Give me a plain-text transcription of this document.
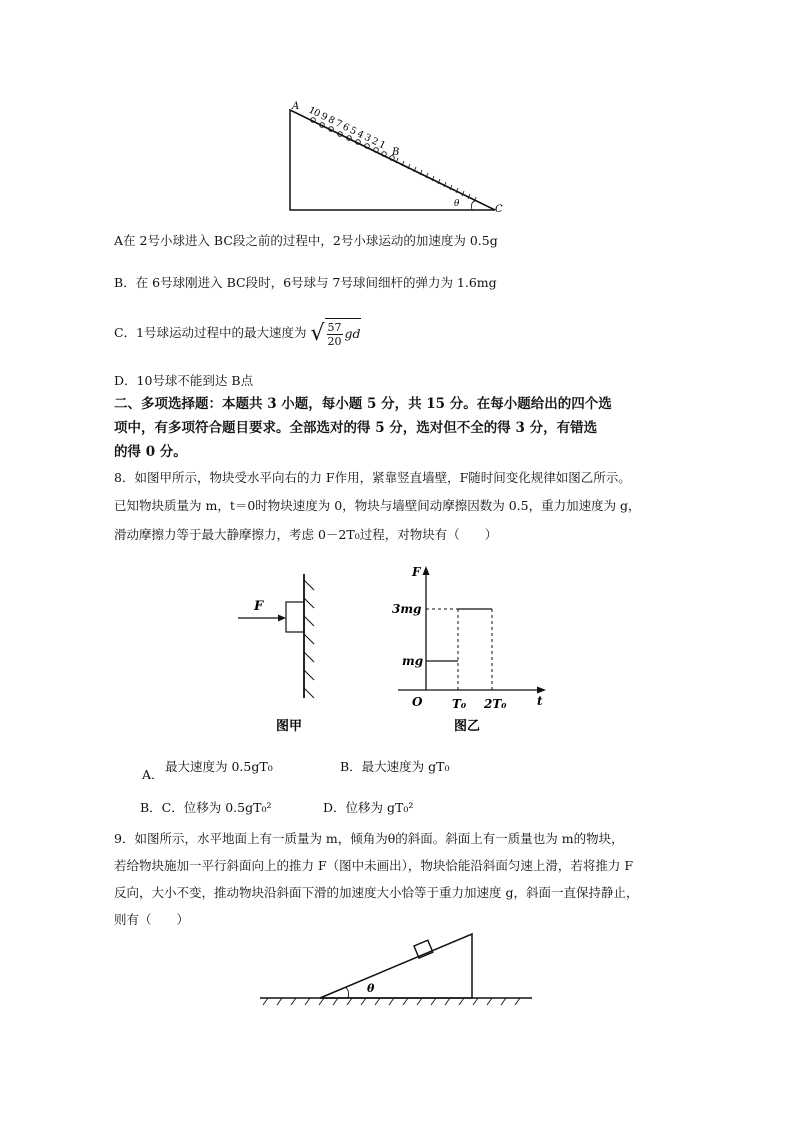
A 10 9 8 7 6 5 4 3 2 1
B
C
θ
A在 2号小球进入 BC段之前的过程中，2号小球运动的加速度为 0.5g
B．在 6号球刚进入 BC段时，6号球与 7号球间细杆的弹力为 1.6mg
C．1号球运动过程中的最大速度为 √ $\frac{57}{20}$ gd
D．10号球不能到达 B点
二、多项选择题：本题共 3 小题，每小题 5 分，共 15 分。在每小题给出的四个选
项中，有多项符合题目要求。全部选对的得 5 分，选对但不全的得 3 分，有错选
的得 0 分。
8．如图甲所示，物块受水平向右的力 F作用，紧靠竖直墙壁，F随时间变化规律如图乙所示。
已知物块质量为 m，t＝0时物块速度为 0，物块与墙壁间动摩擦因数为 0.5，重力加速度为 g，
滑动摩擦力等于最大静摩擦力，考虑 0－2T₀过程，对物块有（　　）
F
图甲
F
t
O
3mg
mg
T₀ 2T₀
图乙
A．
最大速度为 0.5gT₀	B．最大速度为 gT₀
B．C．位移为 0.5gT₀²	D．位移为 gT₀²
9．如图所示，水平地面上有一质量为 m，倾角为θ的斜面。斜面上有一质量也为 m的物块，
若给物块施加一平行斜面向上的推力 F（图中未画出），物块恰能沿斜面匀速上滑，若将推力 F
反向，大小不变，推动物块沿斜面下滑的加速度大小恰等于重力加速度 g，斜面一直保持静止，
则有（　　）
θ
